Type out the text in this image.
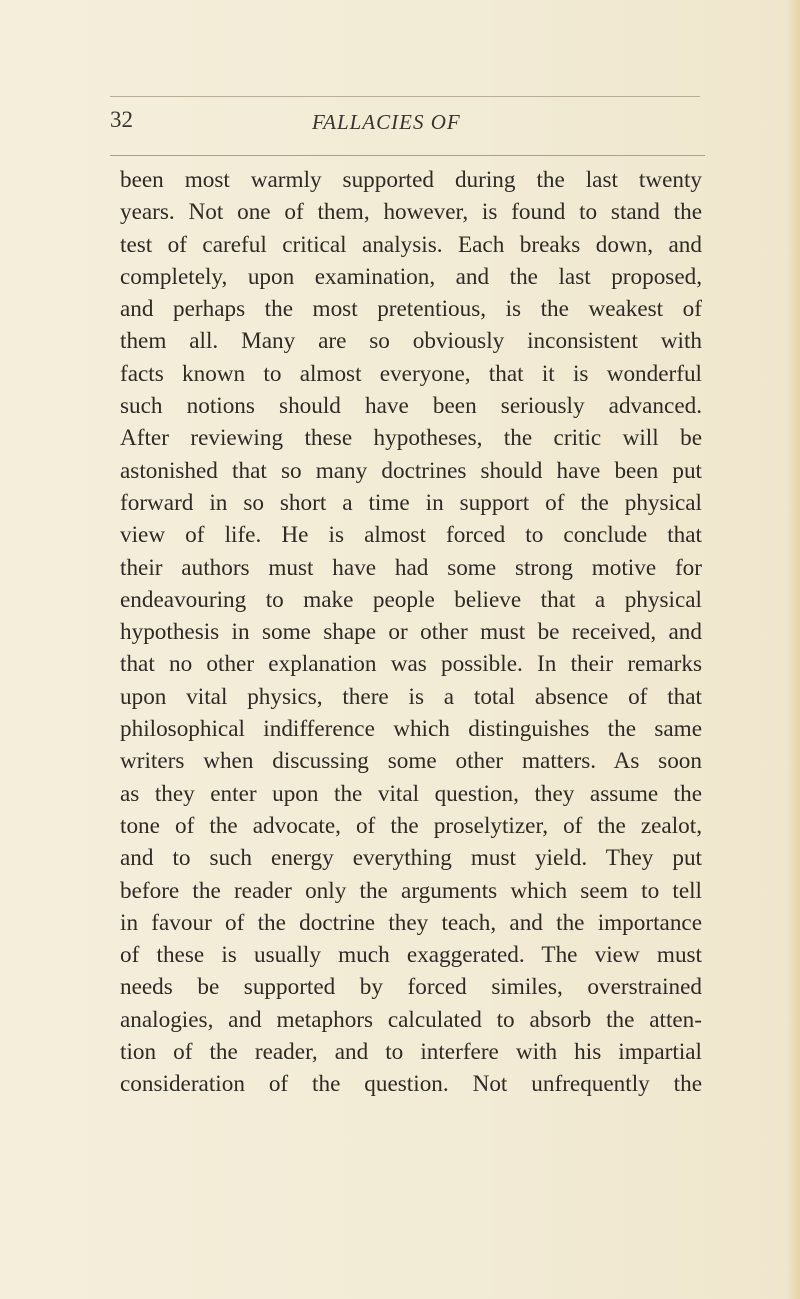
32	FALLACIES OF
been most warmly supported during the last twenty
years. Not one of them, however, is found to stand the
test of careful critical analysis. Each breaks down, and
completely, upon examination, and the last proposed,
and perhaps the most pretentious, is the weakest of
them all. Many are so obviously inconsistent with
facts known to almost everyone, that it is wonderful
such notions should have been seriously advanced.
After reviewing these hypotheses, the critic will be
astonished that so many doctrines should have been put
forward in so short a time in support of the physical
view of life. He is almost forced to conclude that
their authors must have had some strong motive for
endeavouring to make people believe that a physical
hypothesis in some shape or other must be received, and
that no other explanation was possible. In their remarks
upon vital physics, there is a total absence of that
philosophical indifference which distinguishes the same
writers when discussing some other matters. As soon
as they enter upon the vital question, they assume the
tone of the advocate, of the proselytizer, of the zealot,
and to such energy everything must yield. They put
before the reader only the arguments which seem to tell
in favour of the doctrine they teach, and the importance
of these is usually much exaggerated. The view must
needs be supported by forced similes, overstrained
analogies, and metaphors calculated to absorb the atten-
tion of the reader, and to interfere with his impartial
consideration of the question. Not unfrequently the
